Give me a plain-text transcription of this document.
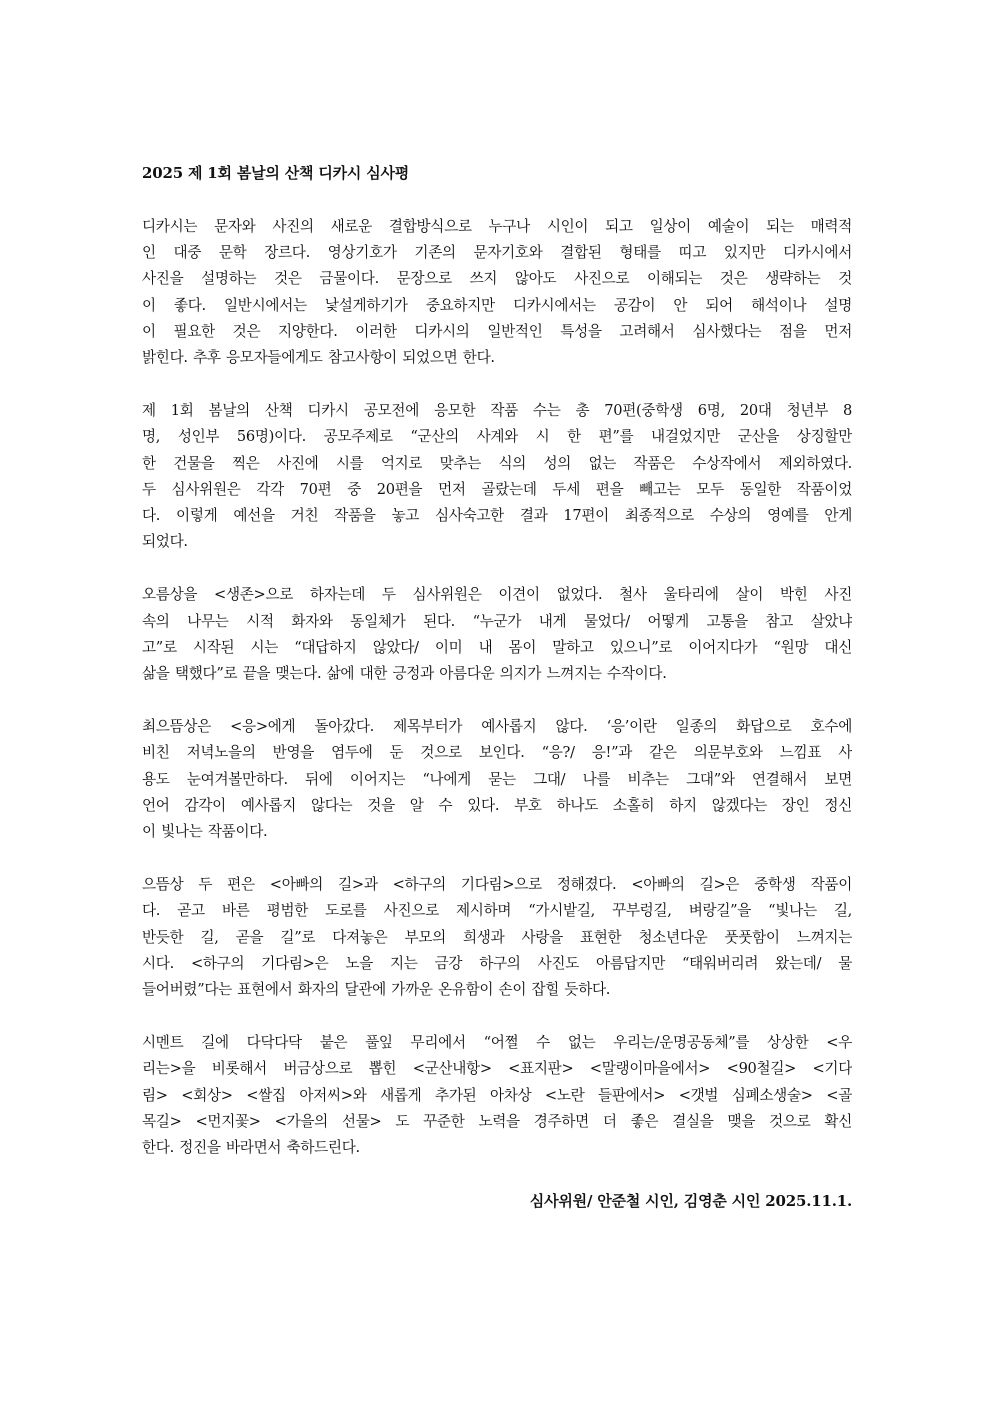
2025 제 1회 봄날의 산책 디카시 심사평
디카시는 문자와 사진의 새로운 결합방식으로 누구나 시인이 되고 일상이 예술이 되는 매력적
인 대중 문학 장르다. 영상기호가 기존의 문자기호와 결합된 형태를 띠고 있지만 디카시에서
사진을 설명하는 것은 금물이다. 문장으로 쓰지 않아도 사진으로 이해되는 것은 생략하는 것
이 좋다. 일반시에서는 낯설게하기가 중요하지만 디카시에서는 공감이 안 되어 해석이나 설명
이 필요한 것은 지양한다. 이러한 디카시의 일반적인 특성을 고려해서 심사했다는 점을 먼저
밝힌다. 추후 응모자들에게도 참고사항이 되었으면 한다.
제 1회 봄날의 산책 디카시 공모전에 응모한 작품 수는 총 70편(중학생 6명, 20대 청년부 8
명, 성인부 56명)이다. 공모주제로 “군산의 사계와 시 한 편”를 내걸었지만 군산을 상징할만
한 건물을 찍은 사진에 시를 억지로 맞추는 식의 성의 없는 작품은 수상작에서 제외하였다.
두 심사위원은 각각 70편 중 20편을 먼저 골랐는데 두세 편을 빼고는 모두 동일한 작품이었
다. 이렇게 예선을 거친 작품을 놓고 심사숙고한 결과 17편이 최종적으로 수상의 영예를 안게
되었다.
오름상을 <생존>으로 하자는데 두 심사위원은 이견이 없었다. 철사 울타리에 살이 박힌 사진
속의 나무는 시적 화자와 동일체가 된다. “누군가 내게 물었다/ 어떻게 고통을 참고 살았냐
고”로 시작된 시는 “대답하지 않았다/ 이미 내 몸이 말하고 있으니”로 이어지다가 “원망 대신
삶을 택했다”로 끝을 맺는다. 삶에 대한 긍정과 아름다운 의지가 느껴지는 수작이다.
최으뜸상은 <응>에게 돌아갔다. 제목부터가 예사롭지 않다. ‘응’이란 일종의 화답으로 호수에
비친 저녁노을의 반영을 염두에 둔 것으로 보인다. “응?/ 응!”과 같은 의문부호와 느낌표 사
용도 눈여겨볼만하다. 뒤에 이어지는 “나에게 묻는 그대/ 나를 비추는 그대”와 연결해서 보면
언어 감각이 예사롭지 않다는 것을 알 수 있다. 부호 하나도 소홀히 하지 않겠다는 장인 정신
이 빛나는 작품이다.
으뜸상 두 편은 <아빠의 길>과 <하구의 기다림>으로 정해졌다. <아빠의 길>은 중학생 작품이
다. 곧고 바른 평범한 도로를 사진으로 제시하며 “가시밭길, 꾸부렁길, 벼랑길”을 “빛나는 길,
반듯한 길, 곧을 길”로 다져놓은 부모의 희생과 사랑을 표현한 청소년다운 풋풋함이 느껴지는
시다. <하구의 기다림>은 노을 지는 금강 하구의 사진도 아름답지만 “태워버리려 왔는데/ 물
들어버렸”다는 표현에서 화자의 달관에 가까운 온유함이 손이 잡힐 듯하다.
시멘트 길에 다닥다닥 붙은 풀잎 무리에서 “어쩔 수 없는 우리는/운명공동체”를 상상한 <우
리는>을 비롯해서 버금상으로 뽑힌 <군산내항> <표지판> <말랭이마을에서> <90철길> <기다
림> <회상> <쌀집 아저씨>와 새롭게 추가된 아차상 <노란 들판에서> <갯벌 심폐소생술> <골
목길> <먼지꽃> <가을의 선물> 도 꾸준한 노력을 경주하면 더 좋은 결실을 맺을 것으로 확신
한다. 정진을 바라면서 축하드린다.
심사위원/ 안준철 시인, 김영춘 시인 2025.11.1.
